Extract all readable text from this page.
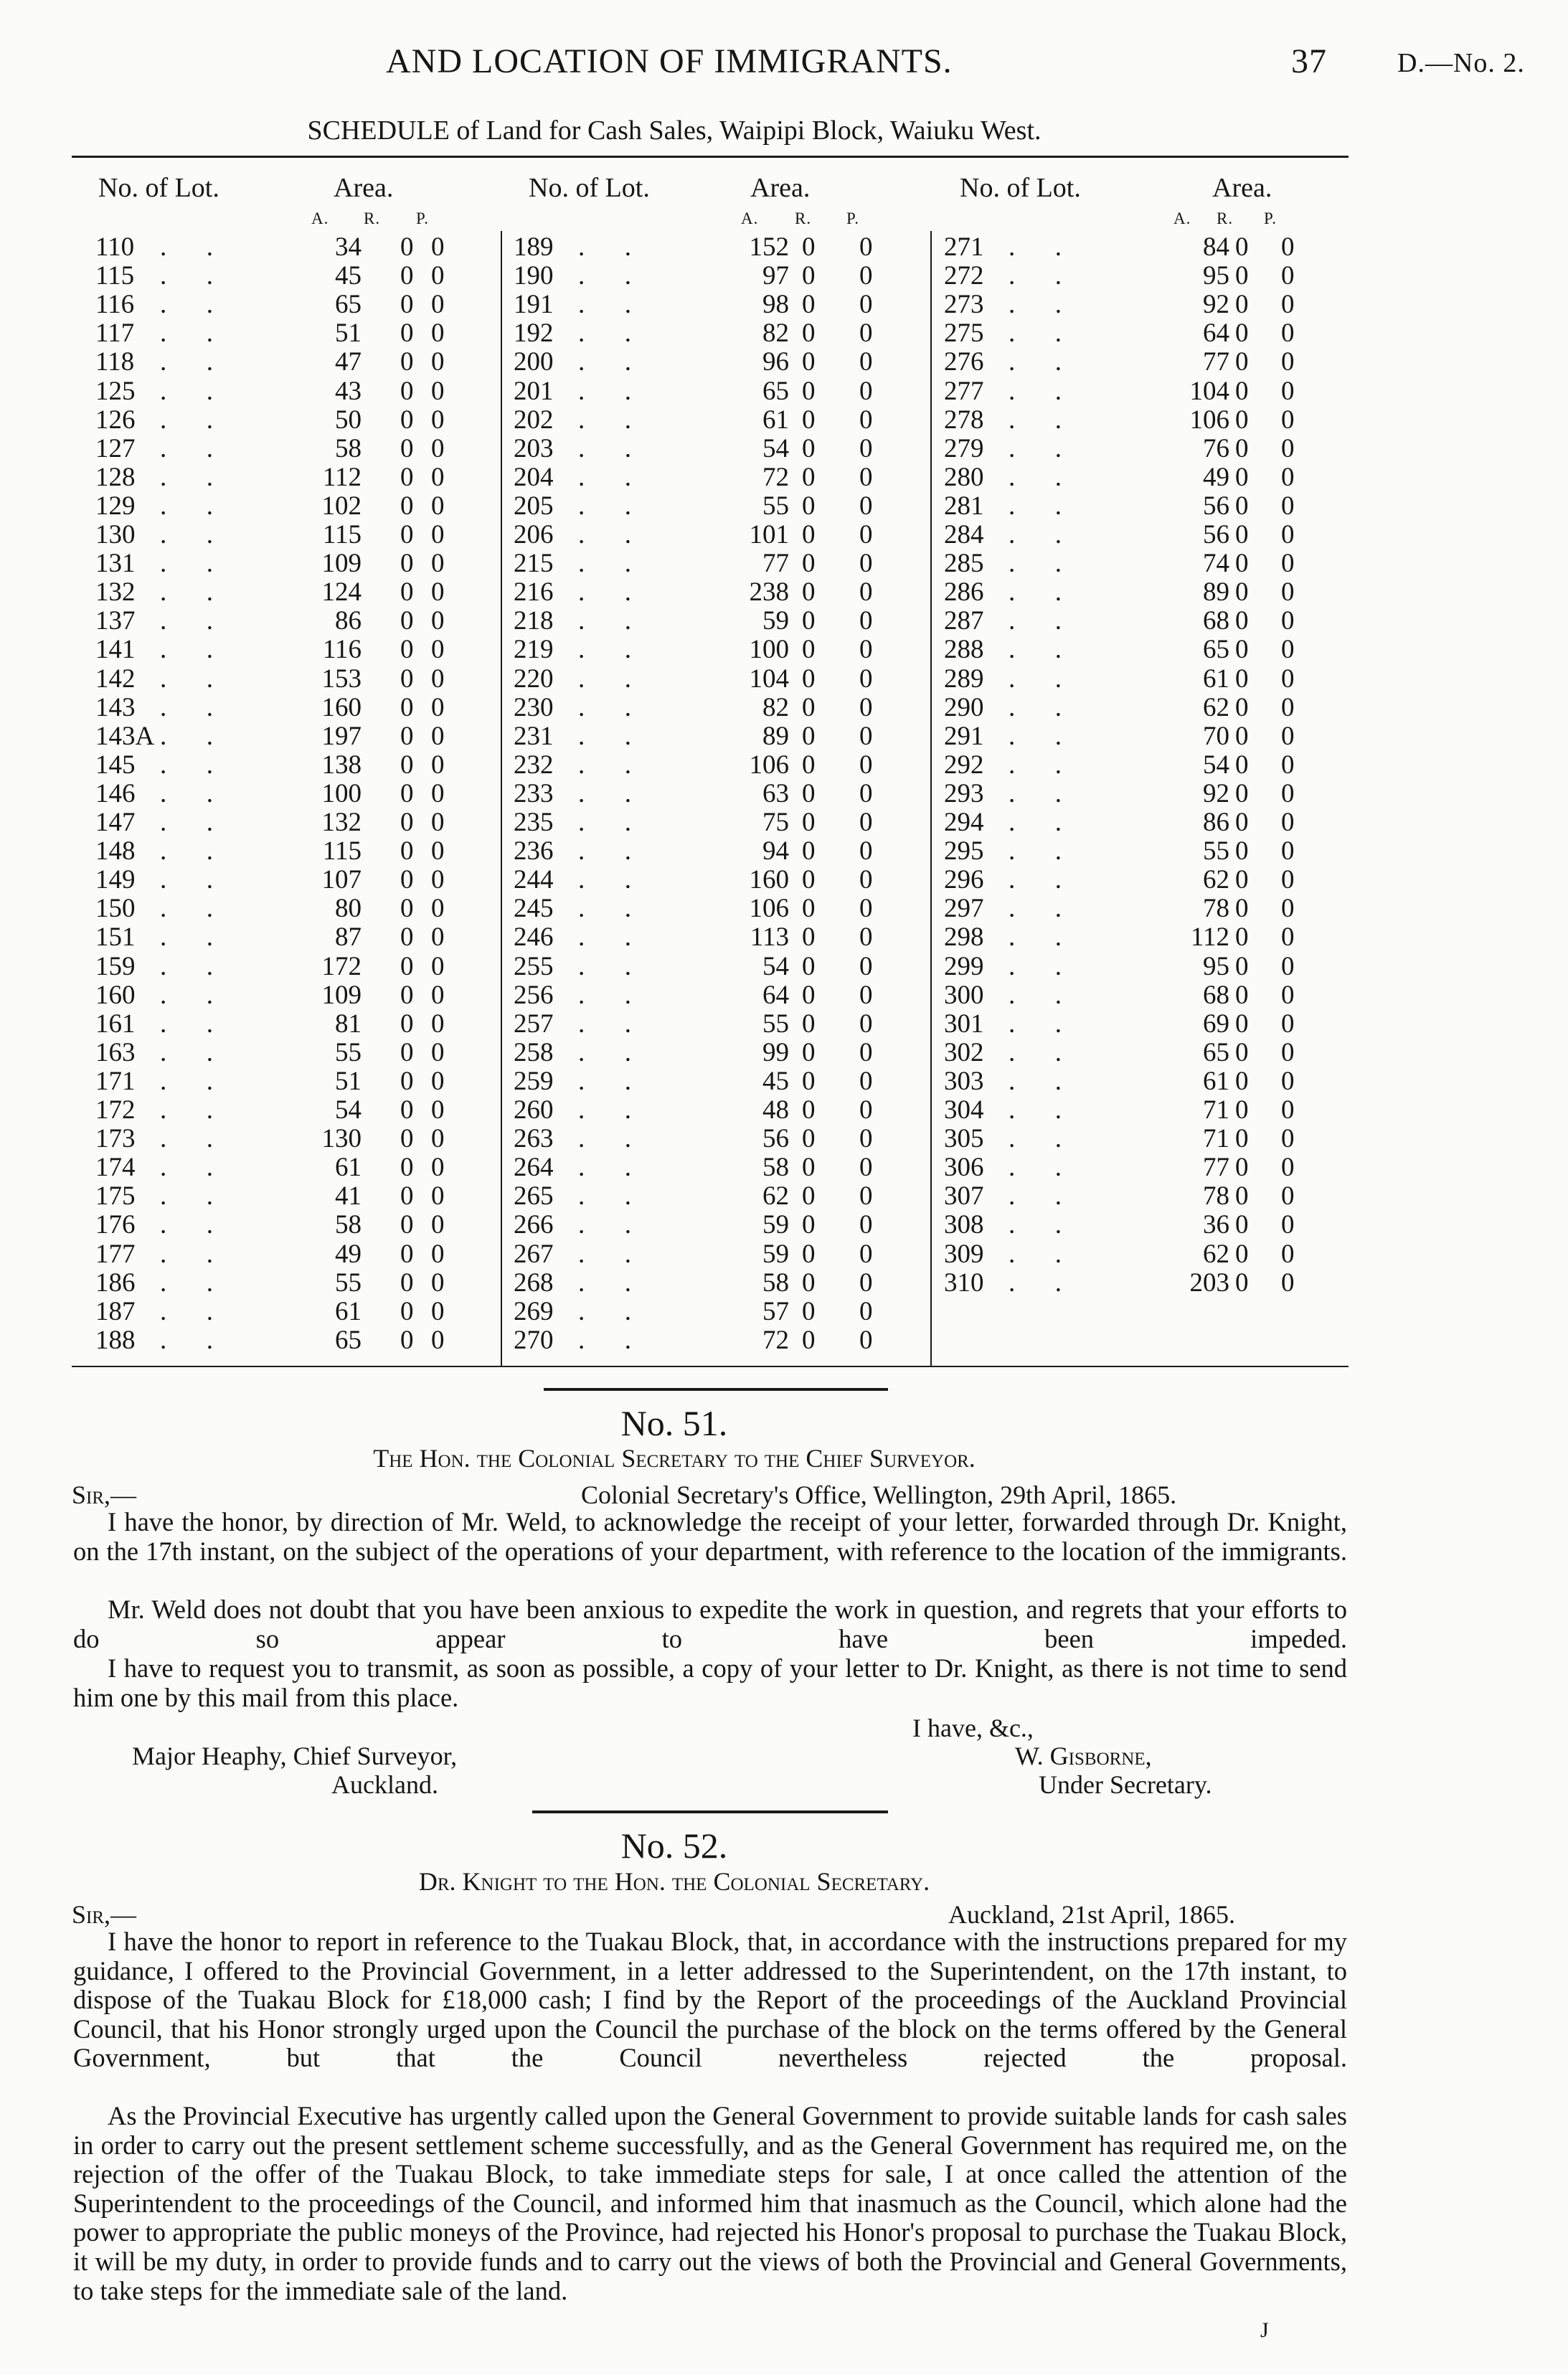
AND LOCATION OF IMMIGRANTS.	37	D.—No. 2.
SCHEDULE of Land for Cash Sales, Waipipi Block, Waiuku West.
No. of Lot.	Area.
A. R. P.
No. of Lot.	Area.
A. R. P.
No. of Lot.	Area.
A. R. P.
110 .      .	34 0 0
115 .      .	45 0 0
116 .      .	65 0 0
117 .      .	51 0 0
118 .      .	47 0 0
125 .      .	43 0 0
126 .      .	50 0 0
127 .      .	58 0 0
128 .      .	112 0 0
129 .      .	102 0 0
130 .      .	115 0 0
131 .      .	109 0 0
132 .      .	124 0 0
137 .      .	86 0 0
141 .      .	116 0 0
142 .      .	153 0 0
143 .      .	160 0 0
143A .      .	197 0 0
145 .      .	138 0 0
146 .      .	100 0 0
147 .      .	132 0 0
148 .      .	115 0 0
149 .      .	107 0 0
150 .      .	80 0 0
151 .      .	87 0 0
159 .      .	172 0 0
160 .      .	109 0 0
161 .      .	81 0 0
163 .      .	55 0 0
171 .      .	51 0 0
172 .      .	54 0 0
173 .      .	130 0 0
174 .      .	61 0 0
175 .      .	41 0 0
176 .      .	58 0 0
177 .      .	49 0 0
186 .      .	55 0 0
187 .      .	61 0 0
188 .      .	65 0 0
189 .      .	152 0 0
190 .      .	97 0 0
191 .      .	98 0 0
192 .      .	82 0 0
200 .      .	96 0 0
201 .      .	65 0 0
202 .      .	61 0 0
203 .      .	54 0 0
204 .      .	72 0 0
205 .      .	55 0 0
206 .      .	101 0 0
215 .      .	77 0 0
216 .      .	238 0 0
218 .      .	59 0 0
219 .      .	100 0 0
220 .      .	104 0 0
230 .      .	82 0 0
231 .      .	89 0 0
232 .      .	106 0 0
233 .      .	63 0 0
235 .      .	75 0 0
236 .      .	94 0 0
244 .      .	160 0 0
245 .      .	106 0 0
246 .      .	113 0 0
255 .      .	54 0 0
256 .      .	64 0 0
257 .      .	55 0 0
258 .      .	99 0 0
259 .      .	45 0 0
260 .      .	48 0 0
263 .      .	56 0 0
264 .      .	58 0 0
265 .      .	62 0 0
266 .      .	59 0 0
267 .      .	59 0 0
268 .      .	58 0 0
269 .      .	57 0 0
270 .      .	72 0 0
271 .      .	84 0 0
272 .      .	95 0 0
273 .      .	92 0 0
275 .      .	64 0 0
276 .      .	77 0 0
277 .      .	104 0 0
278 .      .	106 0 0
279 .      .	76 0 0
280 .      .	49 0 0
281 .      .	56 0 0
284 .      .	56 0 0
285 .      .	74 0 0
286 .      .	89 0 0
287 .      .	68 0 0
288 .      .	65 0 0
289 .      .	61 0 0
290 .      .	62 0 0
291 .      .	70 0 0
292 .      .	54 0 0
293 .      .	92 0 0
294 .      .	86 0 0
295 .      .	55 0 0
296 .      .	62 0 0
297 .      .	78 0 0
298 .      .	112 0 0
299 .      .	95 0 0
300 .      .	68 0 0
301 .      .	69 0 0
302 .      .	65 0 0
303 .      .	61 0 0
304 .      .	71 0 0
305 .      .	71 0 0
306 .      .	77 0 0
307 .      .	78 0 0
308 .      .	36 0 0
309 .      .	62 0 0
310 .      .	203 0 0
No. 51.
The Hon. the Colonial Secretary to the Chief Surveyor.
Sir,—	Colonial Secretary's Office, Wellington, 29th April, 1865.

I have the honor, by direction of Mr. Weld, to acknowledge the receipt of your letter, forwarded through Dr. Knight, on the 17th instant, on the subject of the operations of your department, with reference to the location of the immigrants.

Mr. Weld does not doubt that you have been anxious to expedite the work in question, and regrets that your efforts to do so appear to have been impeded.

I have to request you to transmit, as soon as possible, a copy of your letter to Dr. Knight, as there is not time to send him one by this mail from this place.

I have, &c.,
Major Heaphy, Chief Surveyor,	W. Gisborne,
Auckland.	Under Secretary.
No. 52.
Dr. Knight to the Hon. the Colonial Secretary.
Sir,—	Auckland, 21st April, 1865.

I have the honor to report in reference to the Tuakau Block, that, in accordance with the instructions prepared for my guidance, I offered to the Provincial Government, in a letter addressed to the Superintendent, on the 17th instant, to dispose of the Tuakau Block for £18,000 cash; I find by the Report of the proceedings of the Auckland Provincial Council, that his Honor strongly urged upon the Council the purchase of the block on the terms offered by the General Government, but that the Council nevertheless rejected the proposal.

As the Provincial Executive has urgently called upon the General Government to provide suitable lands for cash sales in order to carry out the present settlement scheme successfully, and as the General Government has required me, on the rejection of the offer of the Tuakau Block, to take immediate steps for sale, I at once called the attention of the Superintendent to the proceedings of the Council, and informed him that inasmuch as the Council, which alone had the power to appropriate the public moneys of the Province, had rejected his Honor's proposal to purchase the Tuakau Block, it will be my duty, in order to provide funds and to carry out the views of both the Provincial and General Governments, to take steps for the immediate sale of the land.

J
